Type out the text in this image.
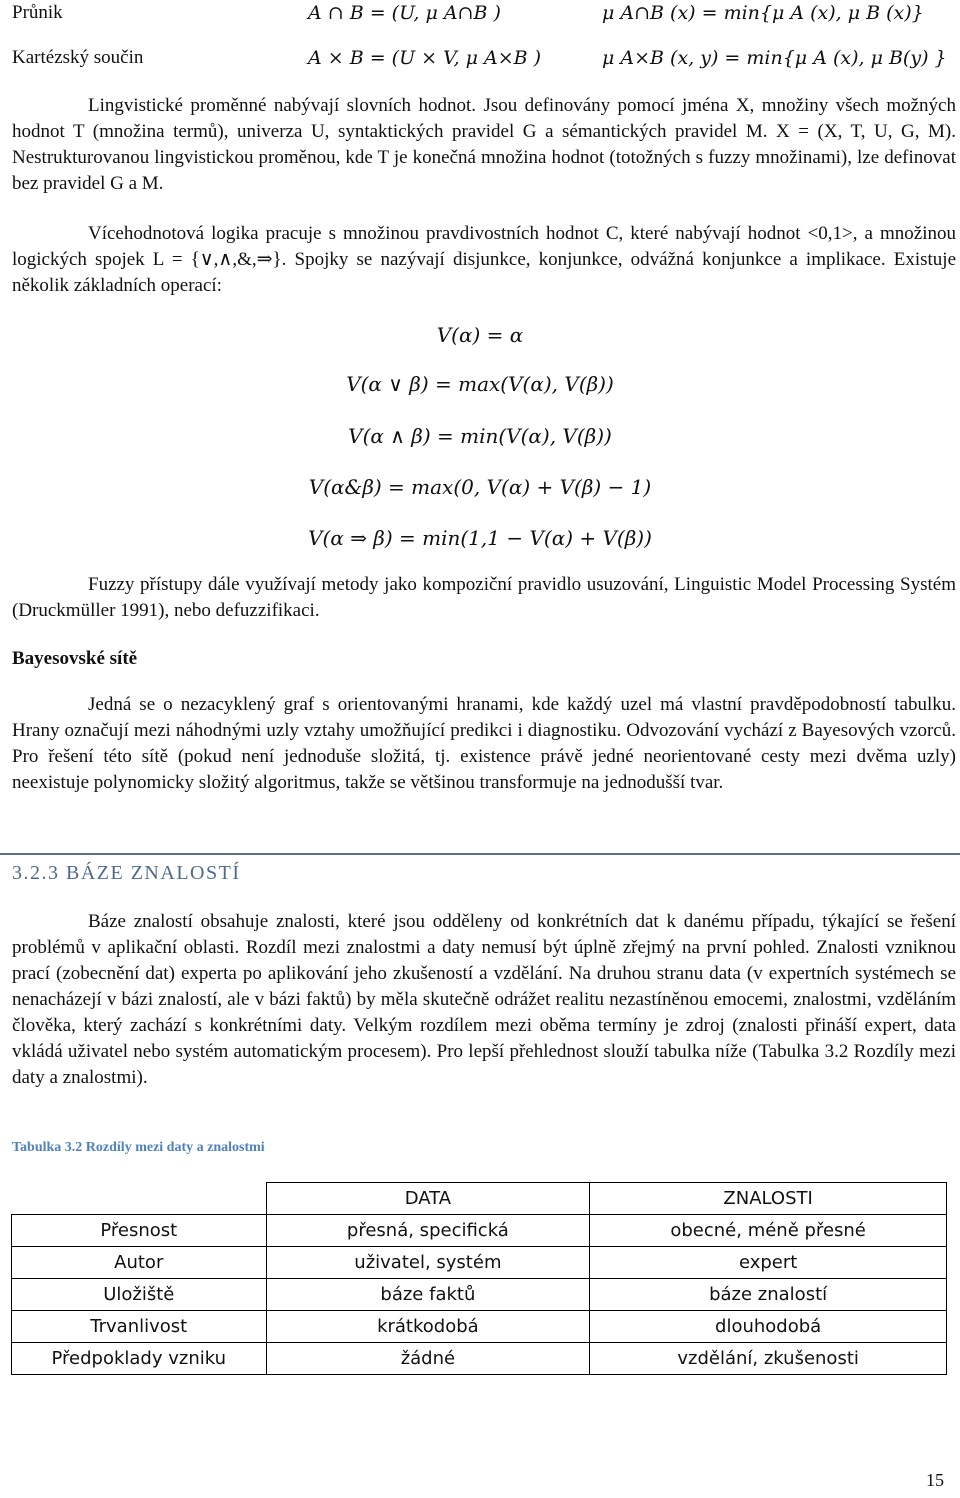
Průnik	A ∩ B = (U, μ A∩B )	μ A∩B (x) = min{μ A (x), μ B (x)}
Kartézský součin	A × B = (U × V, μ A×B )	μ A×B (x, y) = min{μ A (x), μ B(y) }

Lingvistické proměnné nabývají slovních hodnot. Jsou definovány pomocí jména X, množiny všech možných hodnot T (množina termů), univerza U, syntaktických pravidel G a sémantických pravidel M. X = (X, T, U, G, M). Nestrukturovanou lingvistickou proměnou, kde T je konečná množina hodnot (totožných s fuzzy množinami), lze definovat bez pravidel G a M.

Vícehodnotová logika pracuje s množinou pravdivostních hodnot C, které nabývají hodnot <0,1>, a množinou logických spojek L = {∨,∧,&,⇒}. Spojky se nazývají disjunkce, konjunkce, odvážná konjunkce a implikace. Existuje několik základních operací:

V(α) = α
V(α ∨ β) = max(V(α), V(β))
V(α ∧ β) = min(V(α), V(β))
V(α&β) = max(0, V(α) + V(β) − 1)
V(α ⇒ β) = min(1,1 − V(α) + V(β))

Fuzzy přístupy dále využívají metody jako kompoziční pravidlo usuzování, Linguistic Model Processing Systém (Druckmüller 1991), nebo defuzzifikaci.

Bayesovské sítě

Jedná se o nezacyklený graf s orientovanými hranami, kde každý uzel má vlastní pravděpodobností tabulku. Hrany označují mezi náhodnými uzly vztahy umožňující predikci i diagnostiku. Odvozování vychází z Bayesových vzorců. Pro řešení této sítě (pokud není jednoduše složitá, tj. existence právě jedné neorientované cesty mezi dvěma uzly) neexistuje polynomicky složitý algoritmus, takže se většinou transformuje na jednodušší tvar.

3.2.3 BÁZE ZNALOSTÍ

Báze znalostí obsahuje znalosti, které jsou odděleny od konkrétních dat k danému případu, týkající se řešení problémů v aplikační oblasti. Rozdíl mezi znalostmi a daty nemusí být úplně zřejmý na první pohled. Znalosti vzniknou prací (zobecnění dat) experta po aplikování jeho zkušeností a vzdělání. Na druhou stranu data (v expertních systémech se nenacházejí v bázi znalostí, ale v bázi faktů) by měla skutečně odrážet realitu nezastíněnou emocemi, znalostmi, vzděláním člověka, který zachází s konkrétními daty. Velkým rozdílem mezi oběma termíny je zdroj (znalosti přináší expert, data vkládá uživatel nebo systém automatickým procesem). Pro lepší přehlednost slouží tabulka níže (Tabulka 3.2 Rozdíly mezi daty a znalostmi).

Tabulka 3.2 Rozdíly mezi daty a znalostmi
	DATA	ZNALOSTI
Přesnost	přesná, specifická	obecné, méně přesné
Autor	uživatel, systém	expert
Uložiště	báze faktů	báze znalostí
Trvanlivost	krátkodobá	dlouhodobá
Předpoklady vzniku	žádné	vzdělání, zkušenosti
15
